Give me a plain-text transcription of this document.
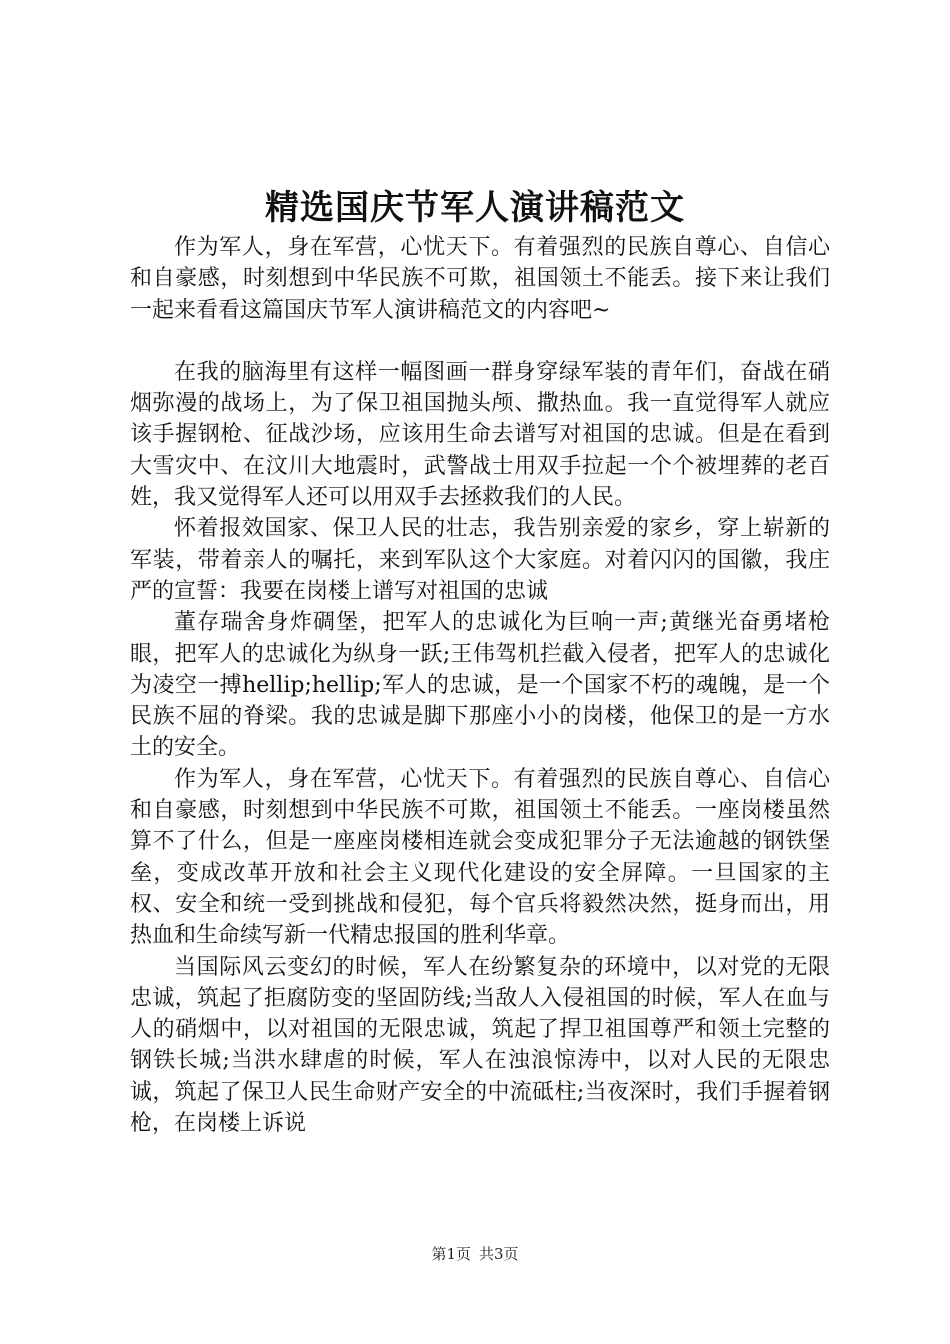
精选国庆节军人演讲稿范文

作为军人，身在军营，心忧天下。有着强烈的民族自尊心、自信心和自豪感，时刻想到中华民族不可欺，祖国领土不能丢。接下来让我们一起来看看这篇国庆节军人演讲稿范文的内容吧~

在我的脑海里有这样一幅图画一群身穿绿军装的青年们，奋战在硝烟弥漫的战场上，为了保卫祖国抛头颅、撒热血。我一直觉得军人就应该手握钢枪、征战沙场，应该用生命去谱写对祖国的忠诚。但是在看到大雪灾中、在汶川大地震时，武警战士用双手拉起一个个被埋葬的老百姓，我又觉得军人还可以用双手去拯救我们的人民。

怀着报效国家、保卫人民的壮志，我告别亲爱的家乡，穿上崭新的军装，带着亲人的嘱托，来到军队这个大家庭。对着闪闪的国徽，我庄严的宣誓：我要在岗楼上谱写对祖国的忠诚

董存瑞舍身炸碉堡，把军人的忠诚化为巨响一声;黄继光奋勇堵枪眼，把军人的忠诚化为纵身一跃;王伟驾机拦截入侵者，把军人的忠诚化为凌空一搏hellip;hellip;军人的忠诚，是一个国家不朽的魂魄，是一个民族不屈的脊梁。我的忠诚是脚下那座小小的岗楼，他保卫的是一方水土的安全。

作为军人，身在军营，心忧天下。有着强烈的民族自尊心、自信心和自豪感，时刻想到中华民族不可欺，祖国领土不能丢。一座岗楼虽然算不了什么，但是一座座岗楼相连就会变成犯罪分子无法逾越的钢铁堡垒，变成改革开放和社会主义现代化建设的安全屏障。一旦国家的主权、安全和统一受到挑战和侵犯，每个官兵将毅然决然，挺身而出，用热血和生命续写新一代精忠报国的胜利华章。

当国际风云变幻的时候，军人在纷繁复杂的环境中，以对党的无限忠诚，筑起了拒腐防变的坚固防线;当敌人入侵祖国的时候，军人在血与人的硝烟中，以对祖国的无限忠诚，筑起了捍卫祖国尊严和领土完整的钢铁长城;当洪水肆虐的时候，军人在浊浪惊涛中，以对人民的无限忠诚，筑起了保卫人民生命财产安全的中流砥柱;当夜深时，我们手握着钢枪，在岗楼上诉说

第1页 共3页
